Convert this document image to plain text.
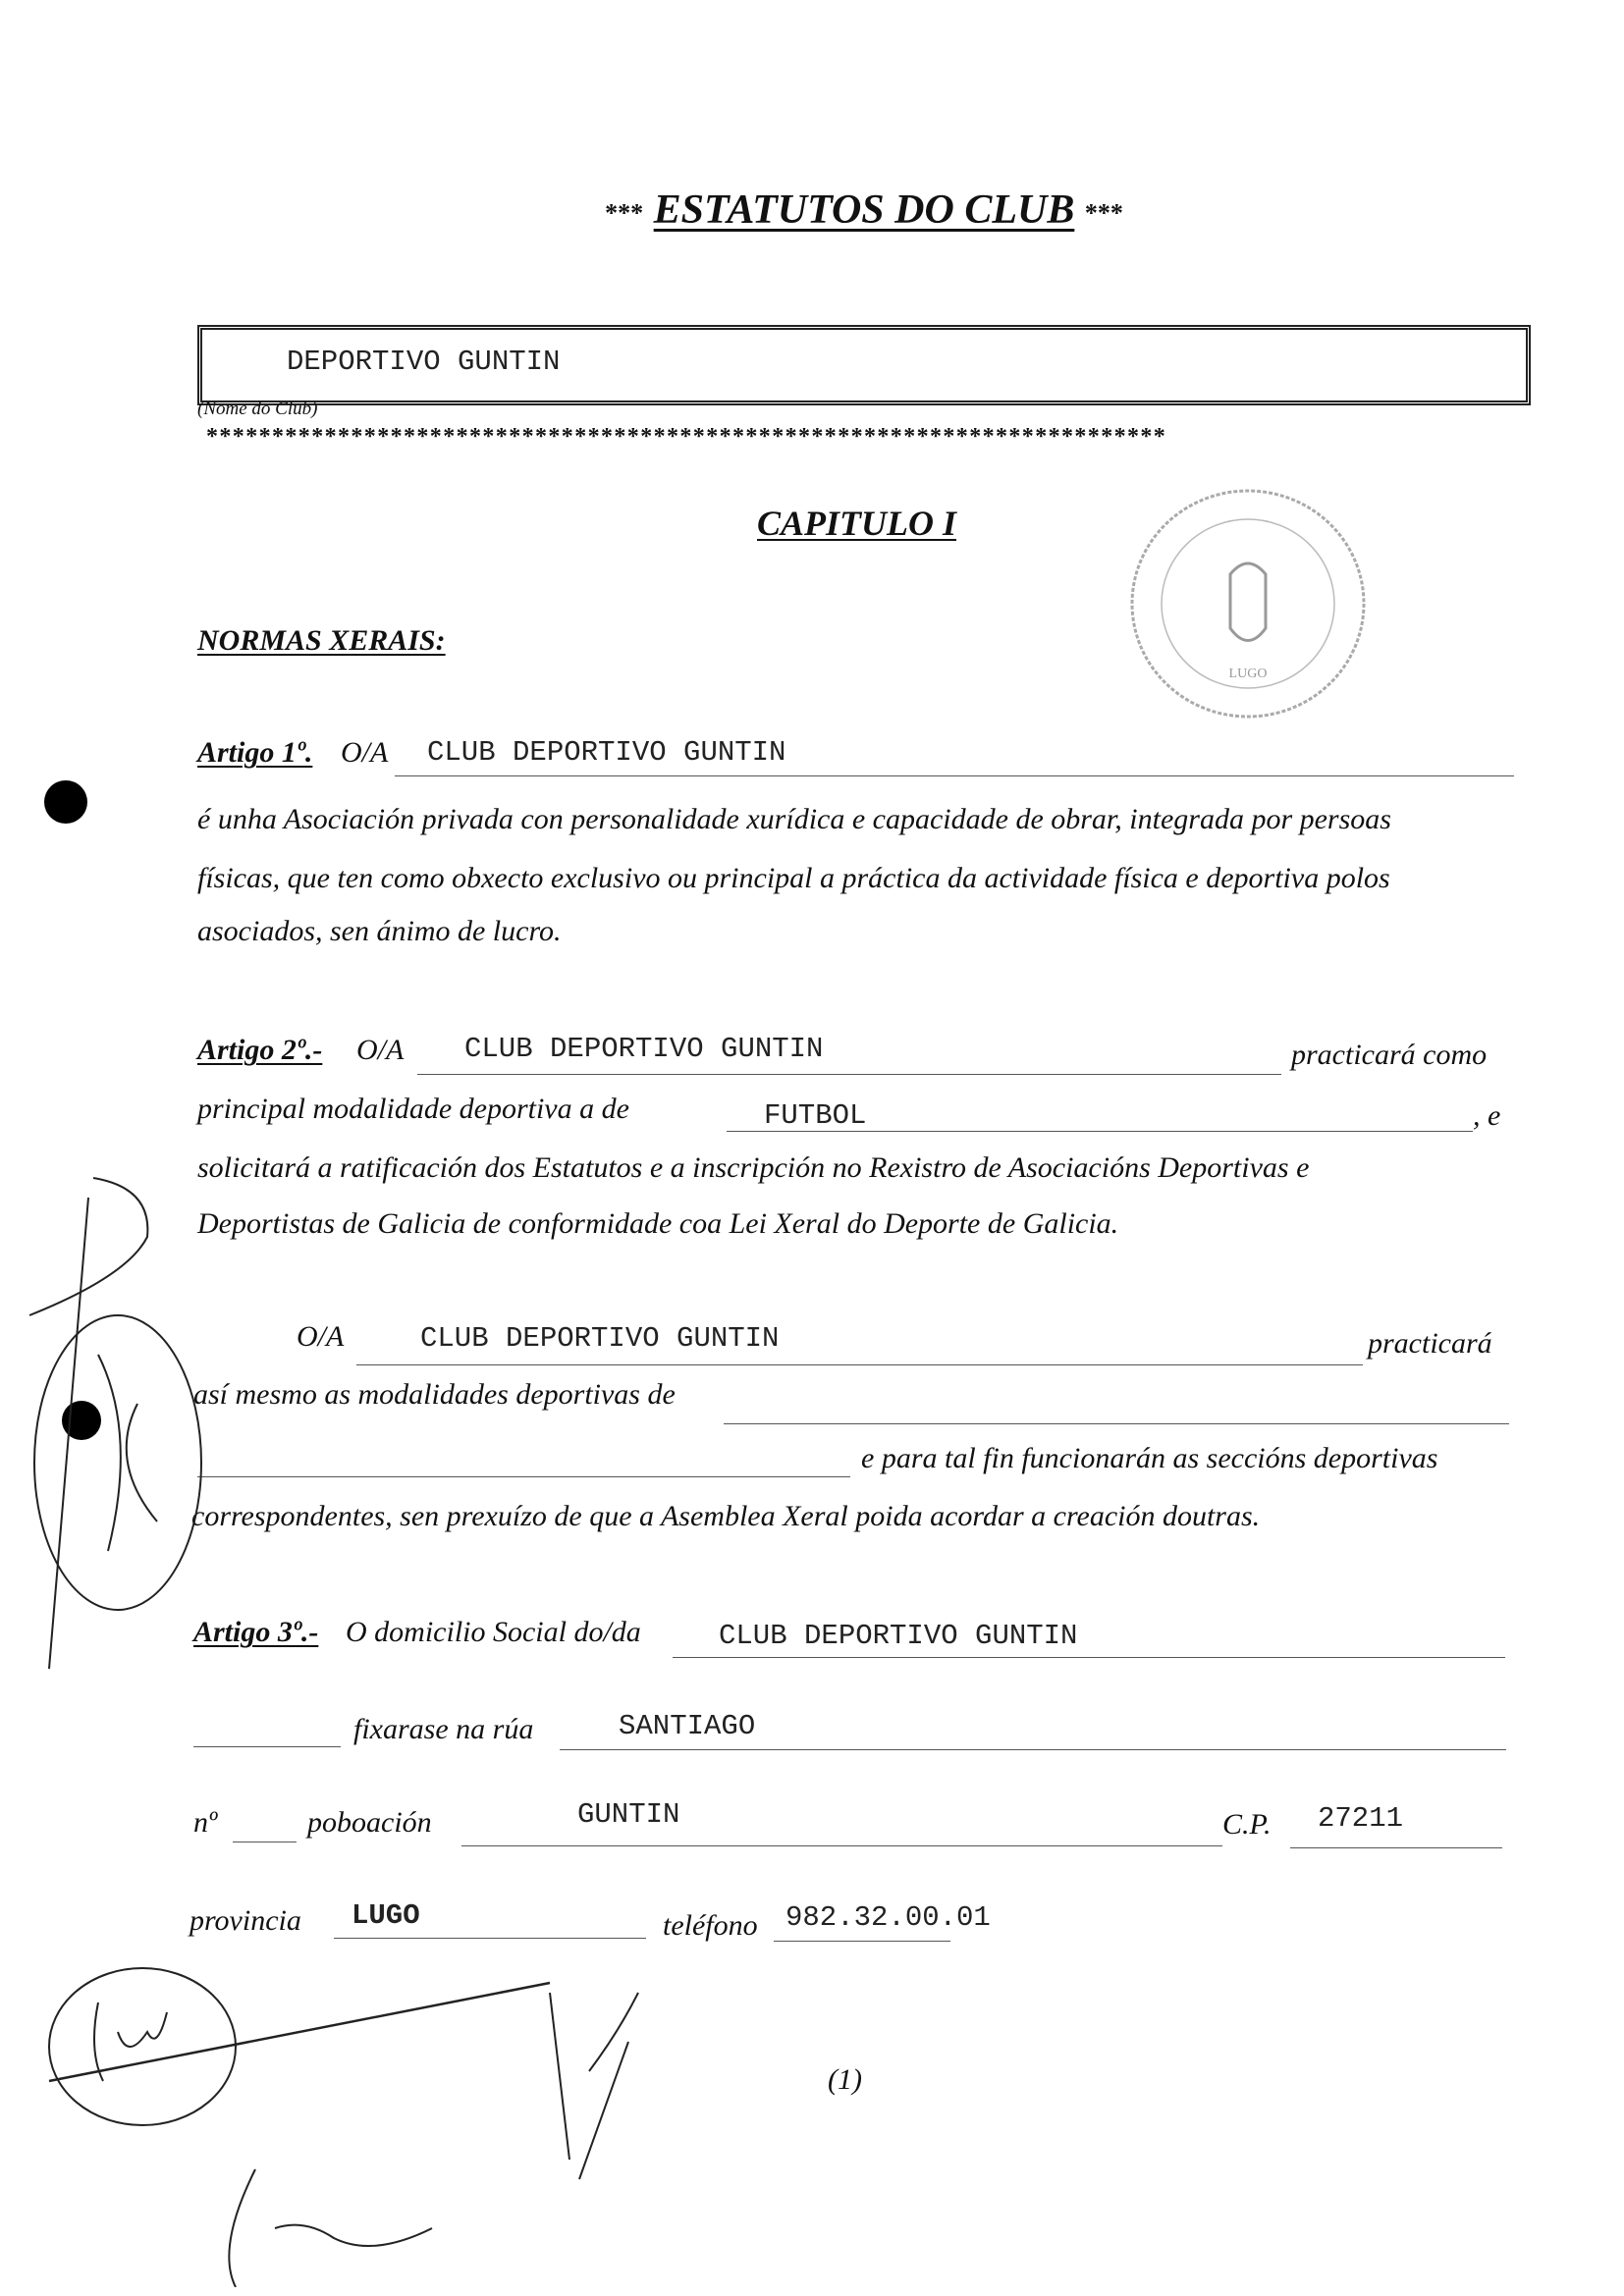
*** ESTATUTOS DO CLUB ***
DEPORTIVO GUNTIN
(Nome do Club)
*************************************************************************
CAPITULO I
LUGO
NORMAS XERAIS:
Artigo 1º. O/A CLUB DEPORTIVO GUNTIN
é unha Asociación privada con personalidade xurídica e capacidade de obrar, integrada por persoas
físicas, que ten como obxecto exclusivo ou principal a práctica da actividade física e deportiva polos
asociados, sen ánimo de lucro.
Artigo 2º.- O/A CLUB DEPORTIVO GUNTIN	practicará como
principal modalidade deportiva a de	FUTBOL	, e
solicitará a ratificación dos Estatutos e a inscripción no Rexistro de Asociacións Deportivas e
Deportistas de Galicia de conformidade coa Lei Xeral do Deporte de Galicia.
O/A	CLUB DEPORTIVO GUNTIN	practicará
así mesmo as modalidades deportivas de
e para tal fin funcionarán as seccións deportivas
correspondentes, sen prexuízo de que a Asemblea Xeral poida acordar a creación doutras.
Artigo 3º.- O domicilio Social do/da	CLUB DEPORTIVO GUNTIN
fixarase na rúa	SANTIAGO
nº	poboación	GUNTIN	C.P. 27211
provincia LUGO	teléfono 982.32.00.01
(1)
